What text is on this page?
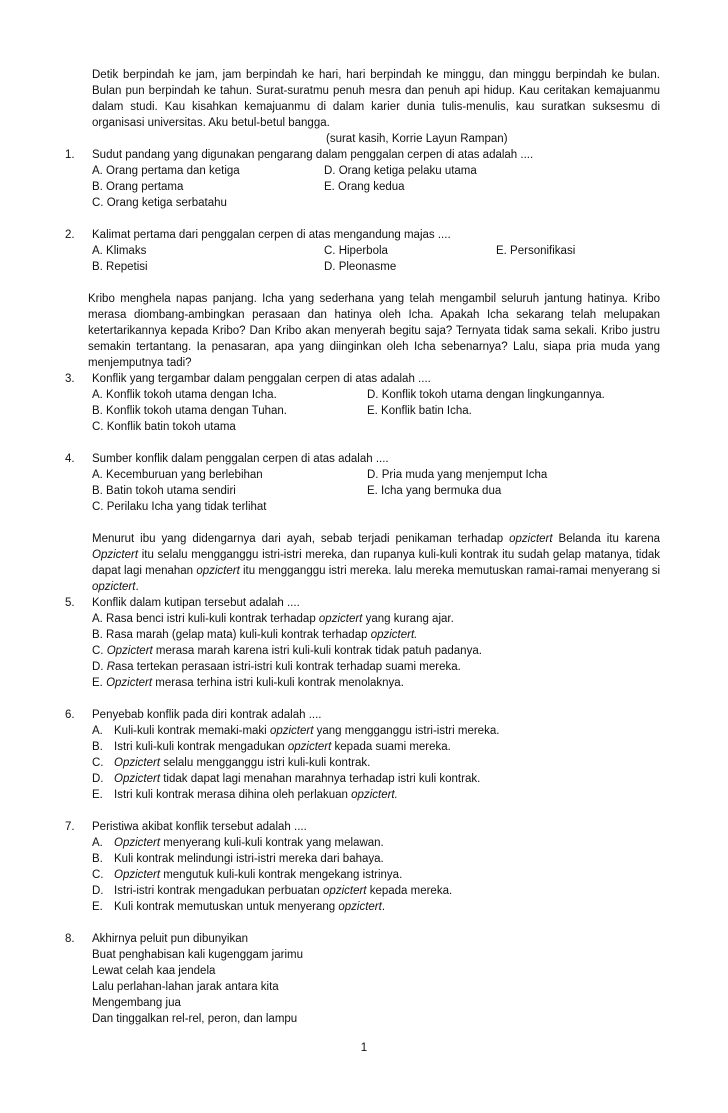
Detik berpindah ke jam, jam berpindah ke hari, hari berpindah ke minggu, dan minggu berpindah ke bulan. Bulan pun berpindah ke tahun. Surat-suratmu penuh mesra dan penuh api hidup. Kau ceritakan kemajuanmu dalam studi. Kau kisahkan kemajuanmu di dalam karier dunia tulis-menulis, kau suratkan suksesmu di organisasi universitas. Aku betul-betul bangga.

(surat kasih, Korrie Layun Rampan)
1. Sudut pandang yang digunakan pengarang dalam penggalan cerpen di atas adalah ....
A. Orang pertama dan ketiga	D. Orang ketiga pelaku utama
B. Orang pertama	E. Orang kedua
C. Orang ketiga serbatahu
2. Kalimat pertama dari penggalan cerpen di atas mengandung majas ....
A. Klimaks	C. Hiperbola	E. Personifikasi
B. Repetisi	D. Pleonasme

Kribo menghela napas panjang. Icha yang sederhana yang telah mengambil seluruh jantung hatinya. Kribo merasa diombang-ambingkan perasaan dan hatinya oleh Icha. Apakah Icha sekarang telah melupakan ketertarikannya kepada Kribo? Dan Kribo akan menyerah begitu saja? Ternyata tidak sama sekali. Kribo justru semakin tertantang. Ia penasaran, apa yang diinginkan oleh Icha sebenarnya? Lalu, siapa pria muda yang menjemputnya tadi?

3. Konflik yang tergambar dalam penggalan cerpen di atas adalah ....
A. Konflik tokoh utama dengan Icha.	D. Konflik tokoh utama dengan lingkungannya.
B. Konflik tokoh utama dengan Tuhan.	E. Konflik batin Icha.
C. Konflik batin tokoh utama
4. Sumber konflik dalam penggalan cerpen di atas adalah ....
A. Kecemburuan yang berlebihan	D. Pria muda yang menjemput Icha
B. Batin tokoh utama sendiri	E. Icha yang bermuka dua
C. Perilaku Icha yang tidak terlihat

Menurut ibu yang didengarnya dari ayah, sebab terjadi penikaman terhadap opzictert Belanda itu karena Opzictert itu selalu mengganggu istri-istri mereka, dan rupanya kuli-kuli kontrak itu sudah gelap matanya, tidak dapat lagi menahan opzictert itu mengganggu istri mereka. lalu mereka memutuskan ramai-ramai menyerang si opzictert.

5. Konflik dalam kutipan tersebut adalah ....
A. Rasa benci istri kuli-kuli kontrak terhadap opzictert yang kurang ajar.
B. Rasa marah (gelap mata) kuli-kuli kontrak terhadap opzictert.
C. Opzictert merasa marah karena istri kuli-kuli kontrak tidak patuh padanya.
D. Rasa tertekan perasaan istri-istri kuli kontrak terhadap suami mereka.
E. Opzictert merasa terhina istri kuli-kuli kontrak menolaknya.
6. Penyebab konflik pada diri kontrak adalah ....
A. Kuli-kuli kontrak memaki-maki opzictert yang mengganggu istri-istri mereka.
B. Istri kuli-kuli kontrak mengadukan opzictert kepada suami mereka.
C. Opzictert selalu mengganggu istri kuli-kuli kontrak.
D. Opzictert tidak dapat lagi menahan marahnya terhadap istri kuli kontrak.
E. Istri kuli kontrak merasa dihina oleh perlakuan opzictert.
7. Peristiwa akibat konflik tersebut adalah ....
A. Opzictert menyerang kuli-kuli kontrak yang melawan.
B. Kuli kontrak melindungi istri-istri mereka dari bahaya.
C. Opzictert mengutuk kuli-kuli kontrak mengekang istrinya.
D. Istri-istri kontrak mengadukan perbuatan opzictert kepada mereka.
E. Kuli kontrak memutuskan untuk menyerang opzictert.
8. Akhirnya peluit pun dibunyikan
Buat penghabisan kali kugenggam jarimu
Lewat celah kaa jendela
Lalu perlahan-lahan jarak antara kita
Mengembang jua
Dan tinggalkan rel-rel, peron, dan lampu
1
